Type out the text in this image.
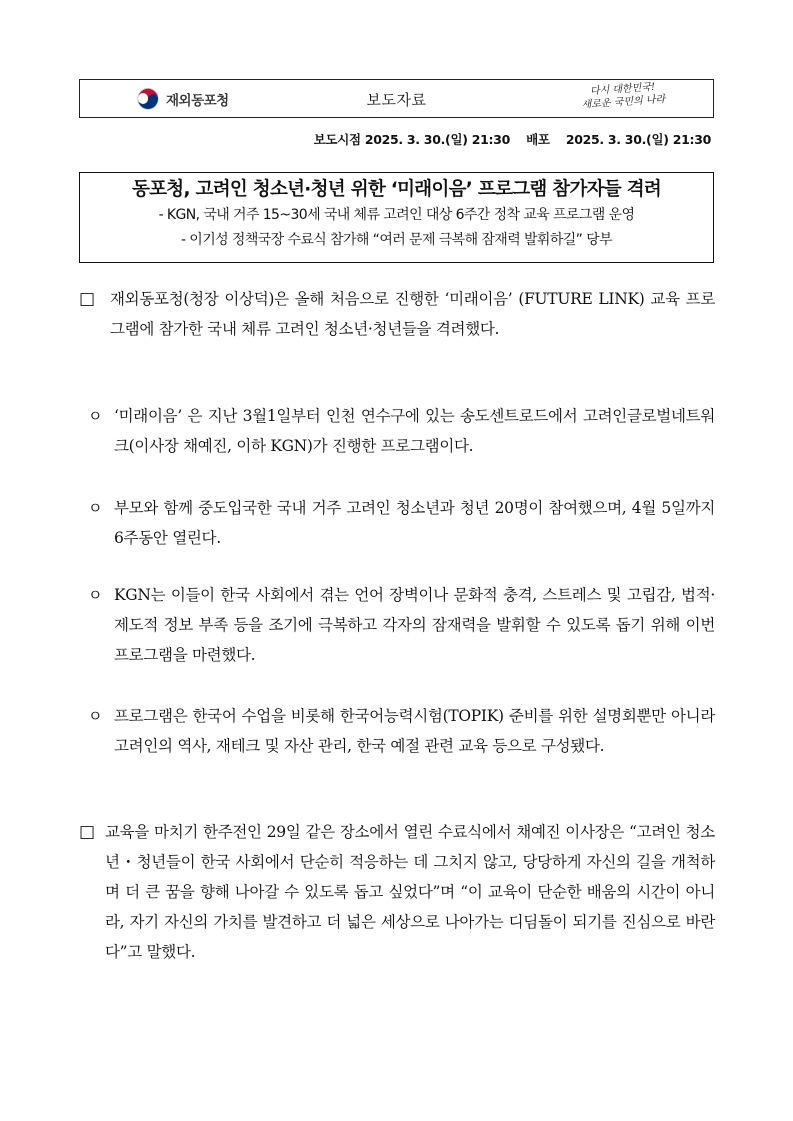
재외동포청	보도자료
다시 대한민국!
새로운 국민의 나라
보도시점 2025. 3. 30.(일) 21:30 배포 2025. 3. 30.(일) 21:30
동포청, 고려인 청소년·청년 위한 ‘미래이음’ 프로그램 참가자들 격려
- KGN, 국내 거주 15~30세 국내 체류 고려인 대상 6주간 정착 교육 프로그램 운영
- 이기성 정책국장 수료식 참가해 “여러 문제 극복해 잠재력 발휘하길” 당부
□ 재외동포청(청장 이상덕)은 올해 처음으로 진행한 ‘미래이음’ (FUTURE LINK) 교육 프로그램에 참가한 국내 체류 고려인 청소년·청년들을 격려했다.
ㅇ ‘미래이음’ 은 지난 3월1일부터 인천 연수구에 있는 송도센트로드에서 고려인글로벌네트워크(이사장 채예진, 이하 KGN)가 진행한 프로그램이다.
ㅇ 부모와 함께 중도입국한 국내 거주 고려인 청소년과 청년 20명이 참여했으며, 4월 5일까지 6주동안 열린다.
ㅇ KGN는 이들이 한국 사회에서 겪는 언어 장벽이나 문화적 충격, 스트레스 및 고립감, 법적·제도적 정보 부족 등을 조기에 극복하고 각자의 잠재력을 발휘할 수 있도록 돕기 위해 이번 프로그램을 마련했다.
ㅇ 프로그램은 한국어 수업을 비롯해 한국어능력시험(TOPIK) 준비를 위한 설명회뿐만 아니라 고려인의 역사, 재테크 및 자산 관리, 한국 예절 관련 교육 등으로 구성됐다.
□ 교육을 마치기 한주전인 29일 같은 장소에서 열린 수료식에서 채예진 이사장은 “고려인 청소년・청년들이 한국 사회에서 단순히 적응하는 데 그치지 않고, 당당하게 자신의 길을 개척하며 더 큰 꿈을 향해 나아갈 수 있도록 돕고 싶었다”며 “이 교육이 단순한 배움의 시간이 아니라, 자기 자신의 가치를 발견하고 더 넓은 세상으로 나아가는 디딤돌이 되기를 진심으로 바란다”고 말했다.
